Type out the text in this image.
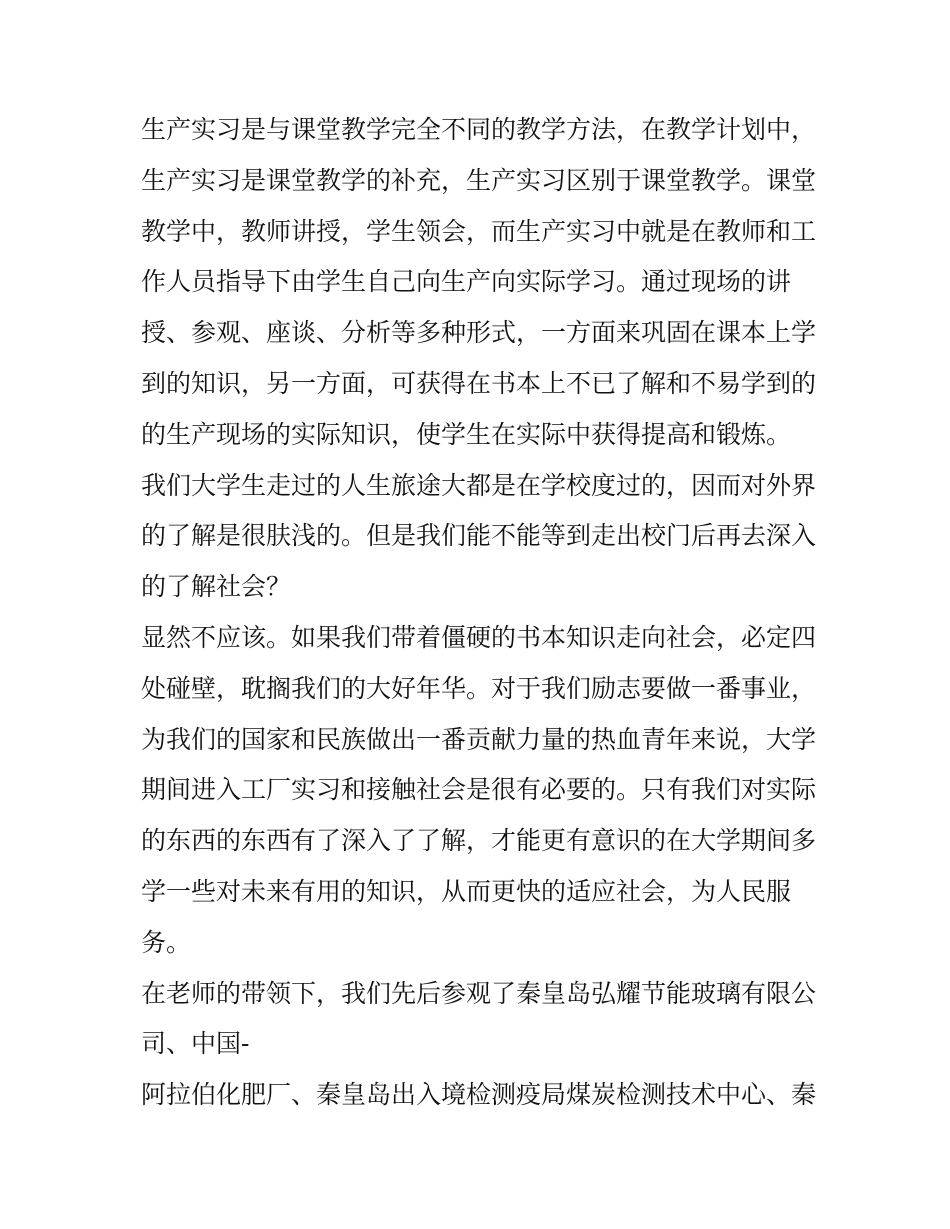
生产实习是与课堂教学完全不同的教学方法，在教学计划中，
生产实习是课堂教学的补充，生产实习区别于课堂教学。课堂
教学中，教师讲授，学生领会，而生产实习中就是在教师和工
作人员指导下由学生自己向生产向实际学习。通过现场的讲
授、参观、座谈、分析等多种形式，一方面来巩固在课本上学
到的知识，另一方面，可获得在书本上不已了解和不易学到的
的生产现场的实际知识，使学生在实际中获得提高和锻炼。
我们大学生走过的人生旅途大都是在学校度过的，因而对外界
的了解是很肤浅的。但是我们能不能等到走出校门后再去深入
的了解社会？
显然不应该。如果我们带着僵硬的书本知识走向社会，必定四
处碰壁，耽搁我们的大好年华。对于我们励志要做一番事业，
为我们的国家和民族做出一番贡献力量的热血青年来说，大学
期间进入工厂实习和接触社会是很有必要的。只有我们对实际
的东西的东西有了深入了了解，才能更有意识的在大学期间多
学一些对未来有用的知识，从而更快的适应社会，为人民服
务。
在老师的带领下，我们先后参观了秦皇岛弘耀节能玻璃有限公
司、中国-
阿拉伯化肥厂、秦皇岛出入境检测疫局煤炭检测技术中心、秦
